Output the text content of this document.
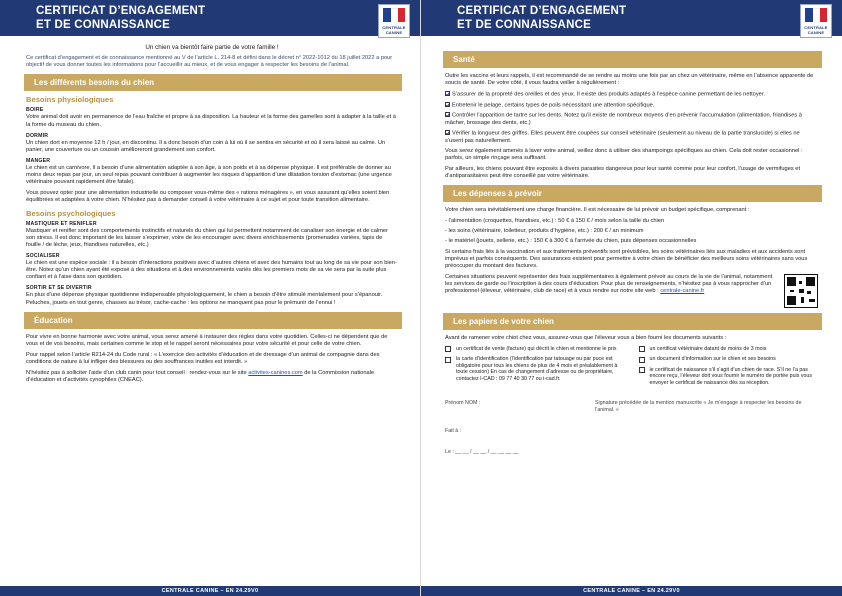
CERTIFICAT D’ENGAGEMENT
ET DE CONNAISSANCE	CENTRALE
CANINE
Un chien va bientôt faire partie de votre famille !

Ce certificat d’engagement et de connaissance mentionné au V de l’article L. 214-8 et défini dans le décret n° 2022-1012 du 18 juillet 2022 a pour objectif de vous donner toutes les informations pour l’accueillir au mieux, et de vous engager à respecter les besoins de l’animal.

Les différents besoins du chien
Besoins physiologiques
BOIRE

Votre animal doit avoir en permanence de l’eau fraîche et propre à sa disposition. La hauteur et la forme des gamelles sont à adapter à la taille et à la forme du museau du chien.

DORMIR

Un chien dort en moyenne 12 h / jour, en discontinu. Il a donc besoin d’un coin à lui où il se sentira en sécurité et où il sera laissé au calme. Un panier, une couverture ou un coussin amélioreront grandement son confort.

MANGER

Le chien est un carnivore, il a besoin d’une alimentation adaptée à son âge, à son poids et à sa dépense physique. Il est préférable de donner au moins deux repas par jour, un seul repas pouvant contribuer à augmenter les risques d’apparition d’une dilatation torsion d’estomac (une urgence vétérinaire pouvant rapidement être fatale).

Vous pouvez opter pour une alimentation industrielle ou composer vous-même des « rations ménagères », en vous assurant qu’elles soient bien équilibrées et adaptées à votre chien. N’hésitez pas à demander conseil à votre vétérinaire à ce sujet et pour toute transition alimentaire.

Besoins psychologiques
MASTIQUER ET RENIFLER

Mastiquer et renifler sont des comportements instinctifs et naturels du chien qui lui permettent notamment de canaliser son énergie et de calmer son stress. Il est donc important de les laisser s’exprimer, voire de les encourager avec divers enrichissements (promenades variées, tapis de fouille / de léche, jeux, friandises naturelles, etc.)

SOCIALISER

Le chien est une espèce sociale : il a besoin d’interactions positives avec d’autres chiens et avec des humains tout au long de sa vie pour son bien-être. Notez qu’un chien ayant été exposé à des situations et à des environnements variés dès les premiers mois de sa vie sera par la suite plus confiant et à l’aise dans son quotidien.

SORTIR ET SE DIVERTIR

En plus d’une dépense physique quotidienne indispensable physiologiquement, le chien a besoin d’être stimulé mentalement pour s’épanouir. Peluches, jouets en tout genre, chasses au trésor, cache-cache : les options ne manquent pas pour le prémunir de l’ennui !

Éducation

Pour vivre en bonne harmonie avec votre animal, vous serez amené à instaurer des règles dans votre quotidien. Celles-ci ne dépendent que de vous et de vos besoins, mais certaines comme le stop et le rappel seront nécessaires pour votre sécurité et pour celle de votre chien.

Pour rappel selon l’article R214-24 du Code rural : « L’exercice des activités d’éducation et de dressage d’un animal de compagnie dans des conditions de nature à lui infliger des blessures ou des souffrances inutiles est interdit. »

N’hésitez pas à solliciter l’aide d’un club canin pour tout conseil : rendez-vous sur le site activites-canines.com de la Commission nationale d’éducation et d’activités cynophiles (CNEAC).

CENTRALE CANINE – EN 24.29V0
CERTIFICAT D’ENGAGEMENT
ET DE CONNAISSANCE	CENTRALE
CANINE
Santé

Outre les vaccins et leurs rappels, il est recommandé de se rendre au moins une fois par an chez un vétérinaire, même en l’absence apparente de soucis de santé. De votre côté, il vous faudra veiller à régulièrement :

S’assurer de la propreté des oreilles et des yeux. Il existe des produits adaptés à l’espèce canine permettant de les nettoyer.
Entretenir le pelage, certains types de poils nécessitant une attention spécifique.
Contrôler l’apparition de tartre sur les dents. Notez qu’il existe de nombreux moyens d’en prévenir l’accumulation (alimentation, friandises à mâcher, brossage des dents, etc.)
Vérifier la longueur des griffes. Elles peuvent être coupées sur conseil vétérinaire (seulement au niveau de la partie translucide) si elles ne s’usent pas naturellement.

Vous serez également amenés à laver votre animal, veillez donc à utiliser des shampoings spécifiques au chien. Cela doit rester occasionnel : parfois, un simple rinçage sera suffisant.

Par ailleurs, les chiens pouvant être exposés à divers parasites dangereux pour leur santé comme pour leur confort, l’usage de vermifuges et d’antiparasitaires peut être conseillé par votre vétérinaire.

Les dépenses à prévoir

Votre chien sera inévitablement une charge financière. Il est nécessaire de lui prévoir un budget spécifique, comprenant :

- l’alimentation (croquettes, friandises, etc.) : 50 € à 150 € / mois selon la taille du chien
- les soins (vétérinaire, toiletteur, produits d’hygiène, etc.) : 200 € / an minimum
- le matériel (jouets, sellerie, etc.) : 150 € à 300 € à l’arrivée du chien, puis dépenses occasionnelles

Si certains frais liés à la vaccination et aux traitements préventifs sont prévisibles, les soins vétérinaires liés aux maladies et aux accidents sont imprévus et parfois conséquents. Des assurances existent pour permettre à votre chien de bénéficier des meilleurs soins vétérinaires sans vous préoccuper du montant des factures.

Certaines situations peuvent représenter des frais supplémentaires à également prévoir au cours de la vie de l’animal, notamment les services de garde ou l’inscription à des cours d’éducation. Pour plus de renseignements, n’hésitez pas à vous rapprocher d’un professionnel (éleveur, vétérinaire, club de race) et à vous rendre sur notre site web : centrale-canine.fr

Les papiers de votre chien

Avant de ramener votre chiot chez vous, assurez-vous que l’éleveur vous a bien fourni les documents suivants :

un certificat de vente (facture) qui décrit le chien et mentionne le prix
la carte d’identification (l’identification par tatouage ou par puce est obligatoire pour tous les chiens de plus de 4 mois et préalablement à toute cession) En cas de changement d’adresse ou de propriétaire, contactez I-CAD : 09 77 40 30 77 ou i-cad.fr.
un certificat vétérinaire datant de moins de 3 mois
un document d’information sur le chien et ses besoins
le certificat de naissance s’il s’agit d’un chien de race. S’il ne l’a pas encore reçu, l’éleveur doit vous fournir le numéro de portée puis vous envoyer le certificat de naissance dès sa réception.
Prénom NOM :	Signature précédée de la mention manuscrite « Je m’engage à respecter les besoins de l’animal. »
Fait à :
Le : __ __ / __ __ / __ __ __ __
CENTRALE CANINE – EN 24.29V0
